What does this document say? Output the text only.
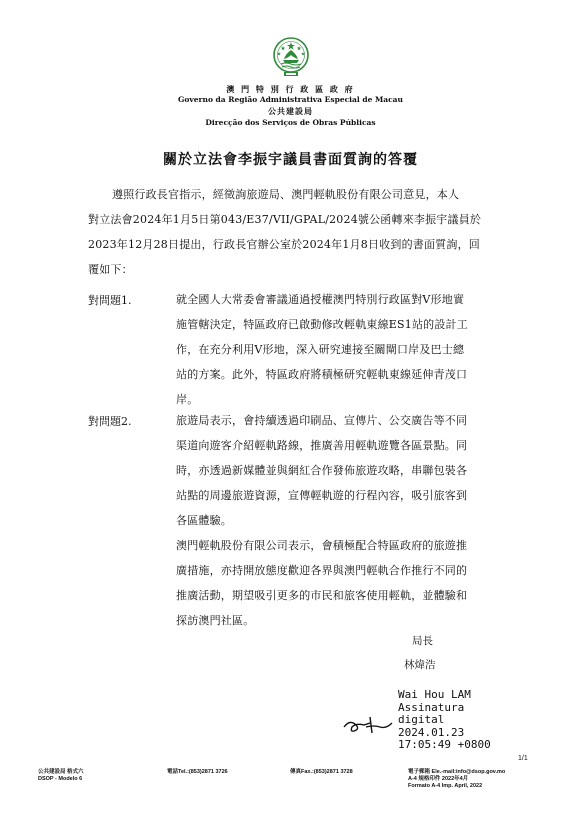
澳 門 特 別 行 政 區 政 府
Governo da Região Administrativa Especial de Macau
公共建設局
Direcção dos Serviços de Obras Públicas
關於立法會李振宇議員書面質詢的答覆
遵照行政長官指示，經徵詢旅遊局、澳門輕軌股份有限公司意見，本人
對立法會2024年1月5日第043/E37/VII/GPAL/2024號公函轉來李振宇議員於
2023年12月28日提出，行政長官辦公室於2024年1月8日收到的書面質詢，回
覆如下：
對問題1.	就全國人大常委會審議通過授權澳門特別行政區對V形地實
施管轄決定，特區政府已啟動修改輕軌東線ES1站的設計工
作，在充分利用V形地，深入研究連接至關閘口岸及巴士總
站的方案。此外，特區政府將積極研究輕軌東線延伸青茂口
岸。
對問題2.	旅遊局表示，會持續透過印刷品、宣傳片、公交廣告等不同
渠道向遊客介紹輕軌路線，推廣善用輕軌遊覽各區景點。同
時，亦透過新媒體並與網紅合作發佈旅遊攻略，串聯包裝各
站點的周邊旅遊資源，宣傳輕軌遊的行程內容，吸引旅客到
各區體驗。
澳門輕軌股份有限公司表示，會積極配合特區政府的旅遊推
廣措施，亦持開放態度歡迎各界與澳門輕軌合作推行不同的
推廣活動，期望吸引更多的市民和旅客使用輕軌，並體驗和
探訪澳門社區。
局長
林煒浩
Wai Hou LAM
Assinatura
digital
2024.01.23
17:05:49 +0800
1/1
公共建設局 格式六
DSOP - Modelo 6
電話Tel.:(853)2871 3726	傳真Fax.:(853)2871 3728	電子郵箱 Ele.-mail:info@dsop.gov.mo
A-4 規格印件 2022年4月
Formato A-4 Imp. April, 2022
